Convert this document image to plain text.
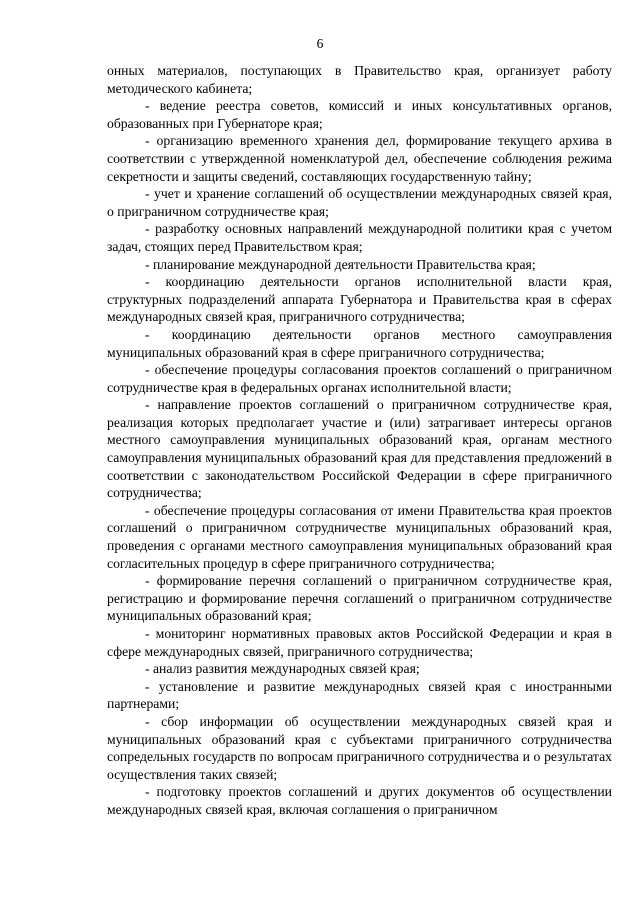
6

онных материалов, поступающих в Правительство края, организует работу методического кабинета;

- ведение реестра советов, комиссий и иных консультативных органов, образованных при Губернаторе края;

- организацию временного хранения дел, формирование текущего архива в соответствии с утвержденной номенклатурой дел, обеспечение соблюдения режима секретности и защиты сведений, составляющих государственную тайну;

- учет и хранение соглашений об осуществлении международных связей края, о приграничном сотрудничестве края;

- разработку основных направлений международной политики края с учетом задач, стоящих перед Правительством края;

- планирование международной деятельности Правительства края;

- координацию деятельности органов исполнительной власти края, структурных подразделений аппарата Губернатора и Правительства края в сферах международных связей края, приграничного сотрудничества;

- координацию деятельности органов местного самоуправления муниципальных образований края в сфере приграничного сотрудничества;

- обеспечение процедуры согласования проектов соглашений о приграничном сотрудничестве края в федеральных органах исполнительной власти;

- направление проектов соглашений о приграничном сотрудничестве края, реализация которых предполагает участие и (или) затрагивает интересы органов местного самоуправления муниципальных образований края, органам местного самоуправления муниципальных образований края для представления предложений в соответствии с законодательством Российской Федерации в сфере приграничного сотрудничества;

- обеспечение процедуры согласования от имени Правительства края проектов соглашений о приграничном сотрудничестве муниципальных образований края, проведения с органами местного самоуправления муниципальных образований края согласительных процедур в сфере приграничного сотрудничества;

- формирование перечня соглашений о приграничном сотрудничестве края, регистрацию и формирование перечня соглашений о приграничном сотрудничестве муниципальных образований края;

- мониторинг нормативных правовых актов Российской Федерации и края в сфере международных связей, приграничного сотрудничества;

- анализ развития международных связей края;

- установление и развитие международных связей края с иностранными партнерами;

- сбор информации об осуществлении международных связей края и муниципальных образований края с субъектами приграничного сотрудничества сопредельных государств по вопросам приграничного сотрудничества и о результатах осуществления таких связей;

- подготовку проектов соглашений и других документов об осуществлении международных связей края, включая соглашения о приграничном
